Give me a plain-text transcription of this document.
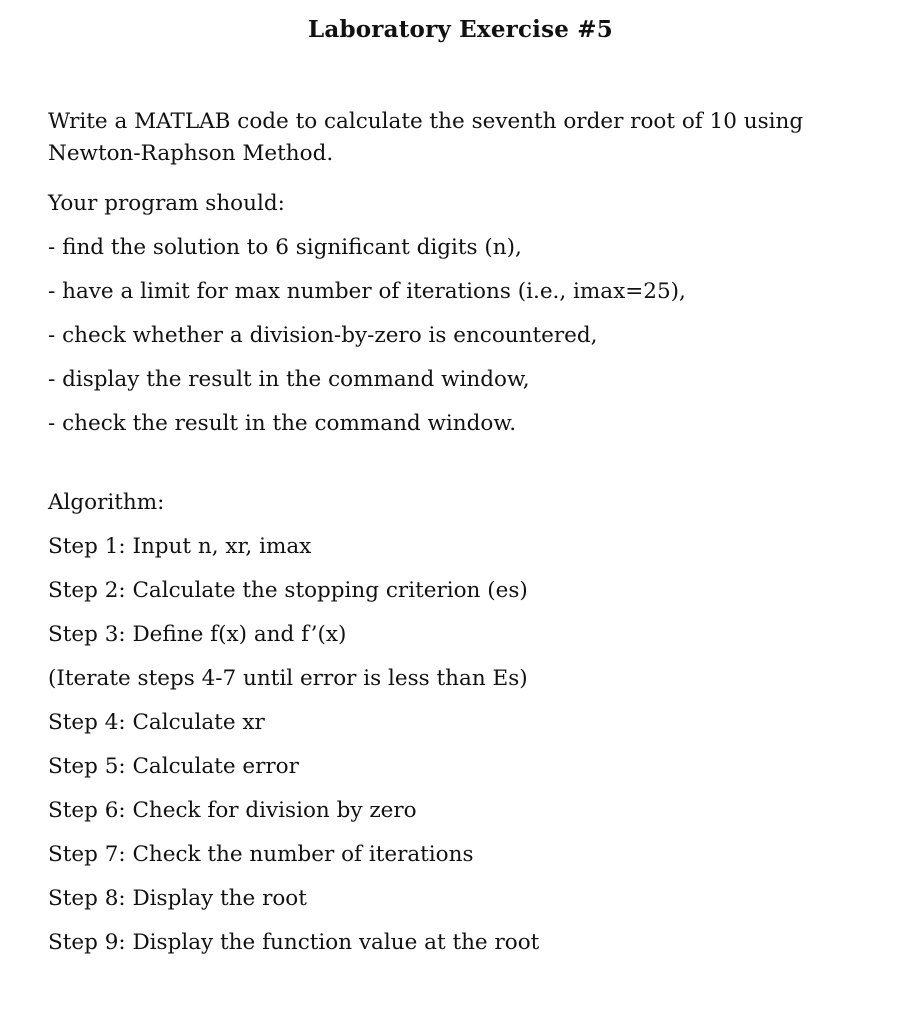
Laboratory Exercise #5

Write a MATLAB code to calculate the seventh order root of 10 using Newton-Raphson Method.

Your program should:

- find the solution to 6 significant digits (n),

- have a limit for max number of iterations (i.e., imax=25),

- check whether a division-by-zero is encountered,

- display the result in the command window,

- check the result in the command window.

Algorithm:

Step 1: Input n, xr, imax

Step 2: Calculate the stopping criterion (es)

Step 3: Define f(x) and f’(x)

(Iterate steps 4-7 until error is less than Es)

Step 4: Calculate xr

Step 5: Calculate error

Step 6: Check for division by zero

Step 7: Check the number of iterations

Step 8: Display the root

Step 9: Display the function value at the root
